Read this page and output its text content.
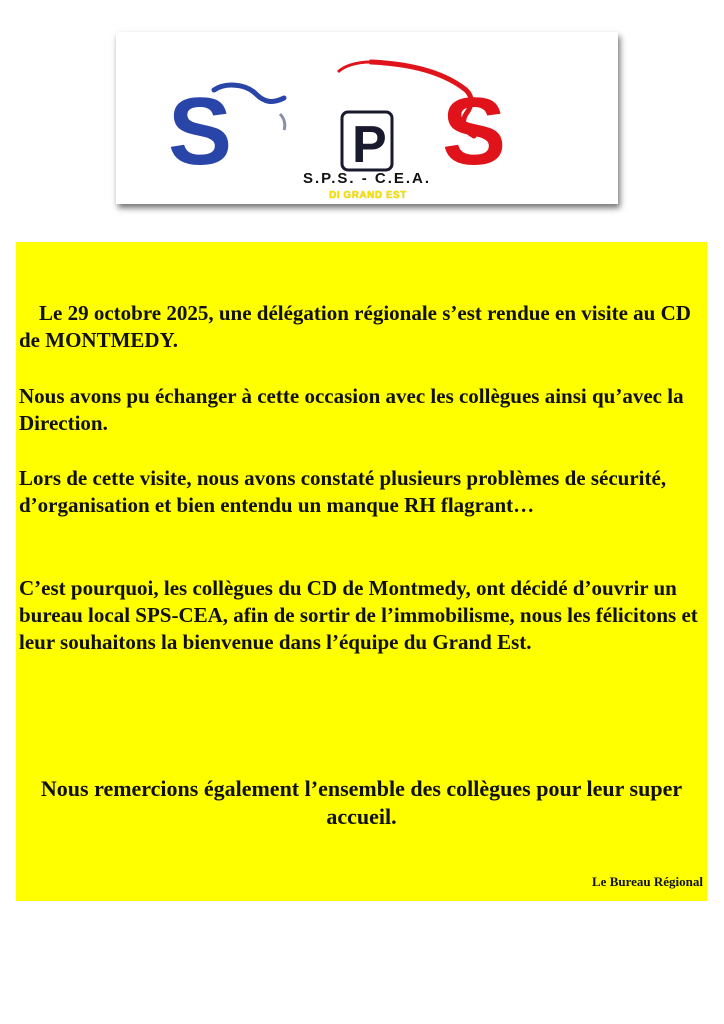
S P S
S.P.S. - C.E.A.
DI GRAND EST

Le 29 octobre 2025, une délégation régionale s’est rendue en visite au CD de MONTMEDY.

Nous avons pu échanger à cette occasion avec les collègues ainsi qu’avec la Direction.

Lors de cette visite, nous avons constaté plusieurs problèmes de sécurité, d’organisation et bien entendu un manque RH flagrant…

C’est pourquoi, les collègues du CD de Montmedy, ont décidé d’ouvrir un bureau local SPS-CEA, afin de sortir de l’immobilisme, nous les félicitons et leur souhaitons la bienvenue dans l’équipe du Grand Est.

Nous remercions également l’ensemble des collègues pour leur super accueil.

Le Bureau Régional
